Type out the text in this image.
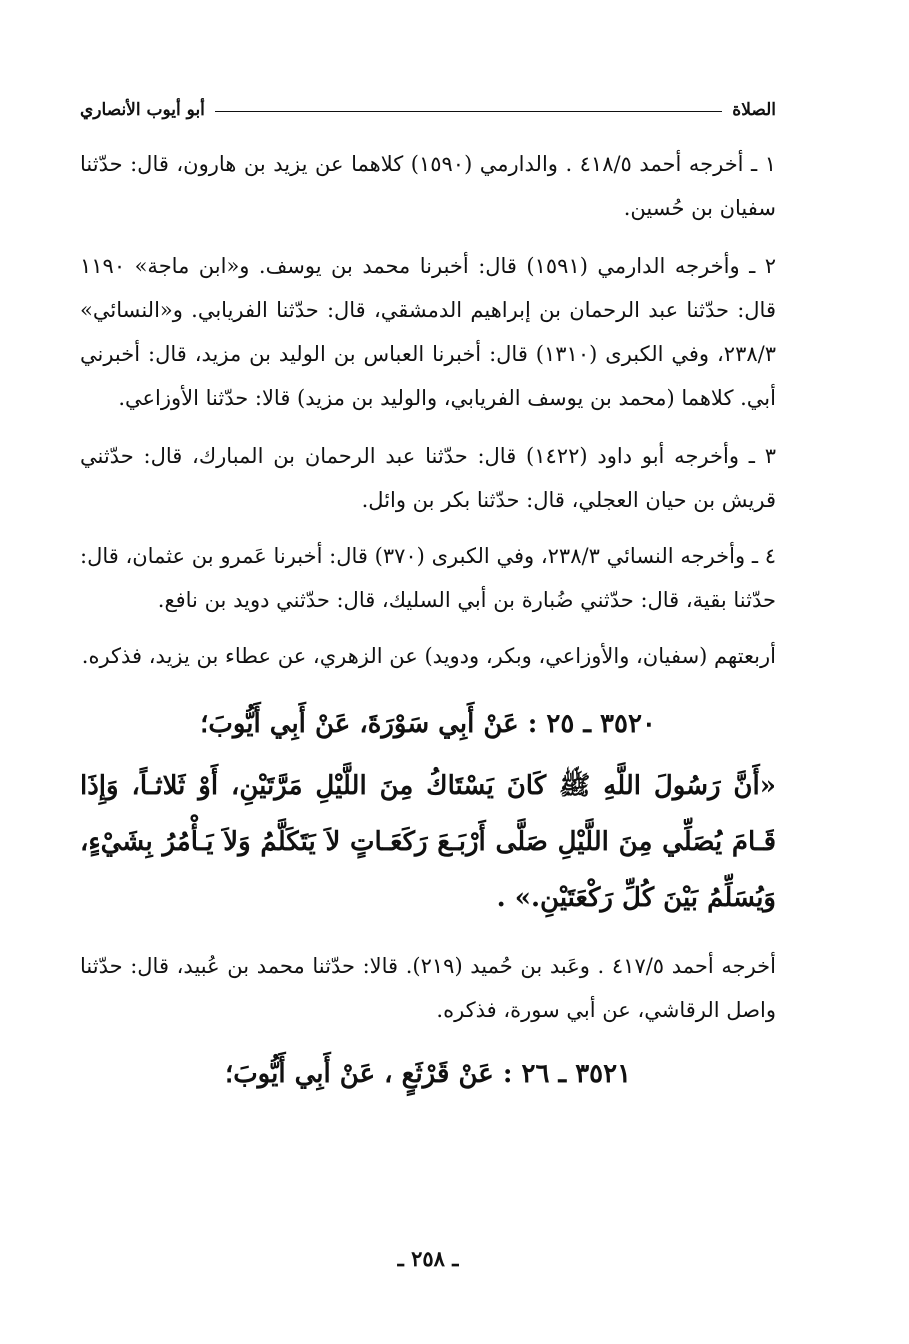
الصلاة
أبو أيوب الأنصاري

١ ـ أخرجه أحمد ٤١٨/٥ . والدارمي (١٥٩٠) كلاهما عن يزيد بن هارون، قال: حدّثنا سفيان بن حُسين.

٢ ـ وأخرجه الدارمي (١٥٩١) قال: أخبرنا محمد بن يوسف. و«ابن ماجة» ١١٩٠ قال: حدّثنا عبد الرحمان بن إبراهيم الدمشقي، قال: حدّثنا الفريابي. و«النسائي» ٢٣٨/٣، وفي الكبرى (١٣١٠) قال: أخبرنا العباس بن الوليد بن مزيد، قال: أخبرني أبي. كلاهما (محمد بن يوسف الفريابي، والوليد بن مزيد) قالا: حدّثنا الأوزاعي.

٣ ـ وأخرجه أبو داود (١٤٢٢) قال: حدّثنا عبد الرحمان بن المبارك، قال: حدّثني قريش بن حيان العجلي، قال: حدّثنا بكر بن وائل.

٤ ـ وأخرجه النسائي ٢٣٨/٣، وفي الكبرى (٣٧٠) قال: أخبرنا عَمرو بن عثمان، قال: حدّثنا بقية، قال: حدّثني ضُبارة بن أبي السليك، قال: حدّثني دويد بن نافع.

أربعتهم (سفيان، والأوزاعي، وبكر، ودويد) عن الزهري، عن عطاء بن يزيد، فذكره.

٣٥٢٠ ـ ٢٥ : عَنْ أَبِي سَوْرَةَ، عَنْ أَبِي أَيُّوبَ؛

«أَنَّ رَسُولَ اللَّهِ ﷺ كَانَ يَسْتَاكُ مِنَ اللَّيْلِ مَرَّتَيْنِ، أَوْ ثَلاثـاً، وَإِذَا قَـامَ يُصَلِّي مِنَ اللَّيْلِ صَلَّى أَرْبَـعَ رَكَعَـاتٍ لاَ يَتَكَلَّمُ وَلاَ يَـأْمُرُ بِشَيْءٍ، وَيُسَلِّمُ بَيْنَ كُلِّ رَكْعَتَيْنِ.» .

أخرجه أحمد ٤١٧/٥ . وعَبد بن حُميد (٢١٩). قالا: حدّثنا محمد بن عُبيد، قال: حدّثنا واصل الرقاشي، عن أبي سورة، فذكره.

٣٥٢١ ـ ٢٦ : عَنْ قَرْثَعٍ ، عَنْ أَبِي أَيُّوبَ؛

ـ ٢٥٨ ـ
